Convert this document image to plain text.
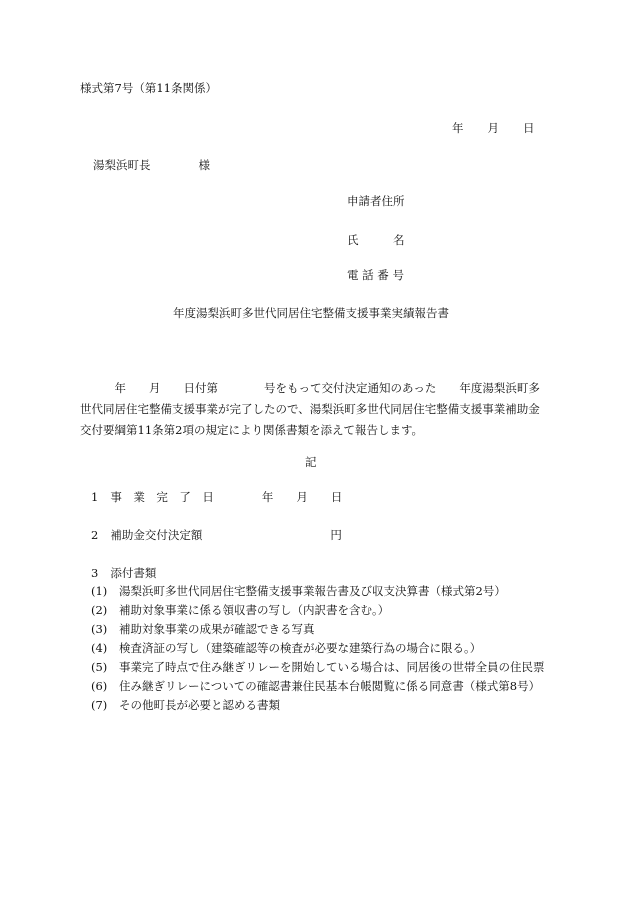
様式第7号（第11条関係）
年 月 日
湯梨浜町長	様
申請者住所
氏　　　名
電 話 番 号
年度湯梨浜町多世代同居住宅整備支援事業実績報告書
　　　年　　月　　日付第　　　　号をもって交付決定通知のあった　　年度湯梨浜町多世代同居住宅整備支援事業が完了したので、湯梨浜町多世代同居住宅整備支援事業補助金交付要綱第11条第2項の規定により関係書類を添えて報告します。
記
1 事　業　完　了　日	年　　月　　日
2 補助金交付決定額	円
3 添付書類
(1) 湯梨浜町多世代同居住宅整備支援事業報告書及び収支決算書（様式第2号）
(2) 補助対象事業に係る領収書の写し（内訳書を含む。）
(3) 補助対象事業の成果が確認できる写真
(4) 検査済証の写し（建築確認等の検査が必要な建築行為の場合に限る。）
(5) 事業完了時点で住み継ぎリレーを開始している場合は、同居後の世帯全員の住民票
(6) 住み継ぎリレーについての確認書兼住民基本台帳閲覧に係る同意書（様式第8号）
(7) その他町長が必要と認める書類
